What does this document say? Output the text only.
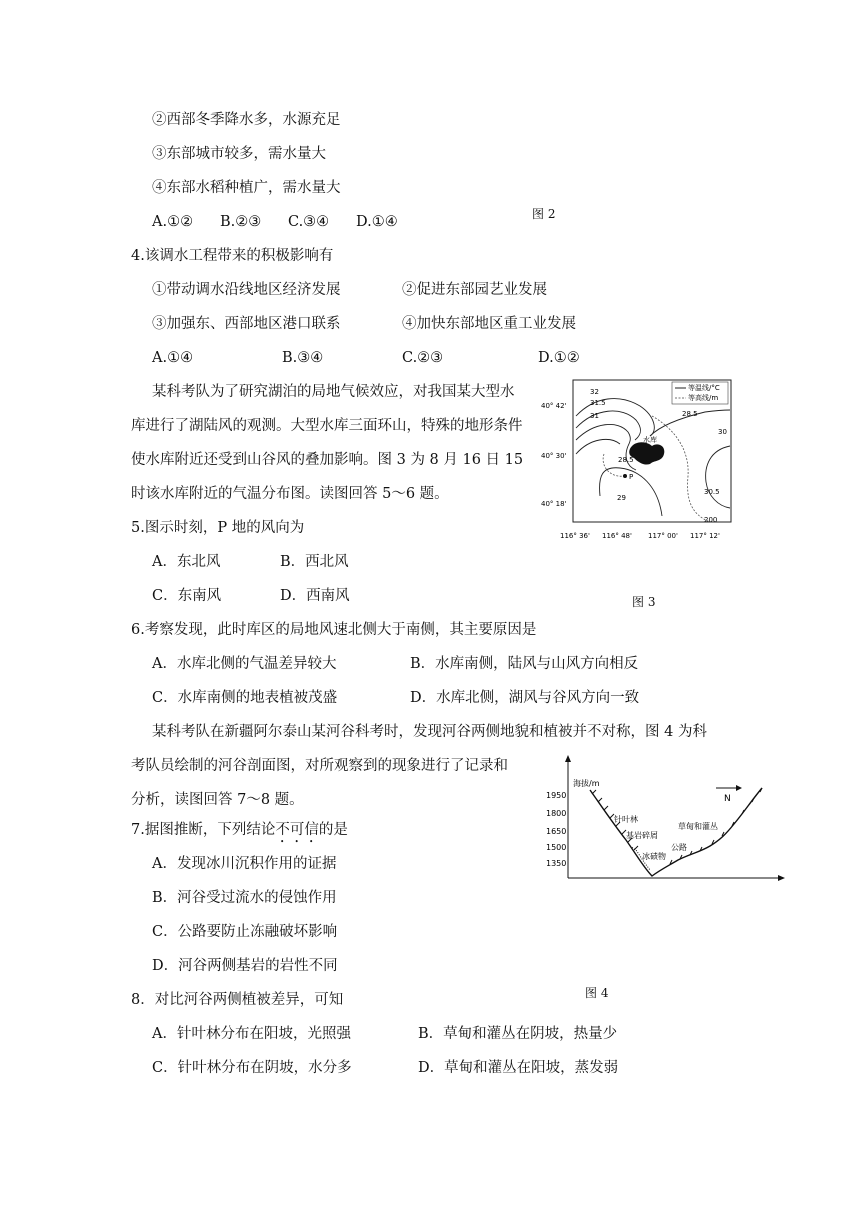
②西部冬季降水多，水源充足
③东部城市较多，需水量大
④东部水稻种植广，需水量大
A.①② B.②③ C.③④ D.①④	图 2
4.该调水工程带来的积极影响有
①带动调水沿线地区经济发展	②促进东部园艺业发展
③加强东、西部地区港口联系	④加快东部地区重工业发展
A.①④	B.③④	C.②③	D.①②
某科考队为了研究湖泊的局地气候效应，对我国某大型水
库进行了湖陆风的观测。大型水库三面环山，特殊的地形条件
使水库附近还受到山谷风的叠加影响。图 3 为 8 月 16 日 15
时该水库附近的气温分布图。读图回答 5～6 题。
等温线/°C
等高线/m
水库
P
32
31.5
31	28.5
28.5
29
30
30.5
200
40° 42'
40° 30'
40° 18'
116° 36' 116° 48' 117° 00' 117° 12'
图 3
5.图示时刻，P 地的风向为
A．东北风	B．西北风
C．东南风	D．西南风
6.考察发现，此时库区的局地风速北侧大于南侧，其主要原因是
A．水库北侧的气温差异较大	B．水库南侧，陆风与山风方向相反
C．水库南侧的地表植被茂盛	D．水库北侧，湖风与谷风方向一致
某科考队在新疆阿尔泰山某河谷科考时，发现河谷两侧地貌和植被并不对称，图 4 为科
考队员绘制的河谷剖面图，对所观察到的现象进行了记录和
分析，读图回答 7～8 题。
7.据图推断，下列结论不可信的是
A．发现冰川沉积作用的证据
B．河谷受过流水的侵蚀作用
C．公路要防止冻融破坏影响
D．河谷两侧基岩的岩性不同
海拔/m
1950
1800
1650
1500
1350
N
针叶林
基岩碎屑
冰碛物
草甸和灌丛
公路
图 4
8．对比河谷两侧植被差异，可知
A．针叶林分布在阳坡，光照强	B．草甸和灌丛在阴坡，热量少
C．针叶林分布在阴坡，水分多	D．草甸和灌丛在阳坡，蒸发弱
